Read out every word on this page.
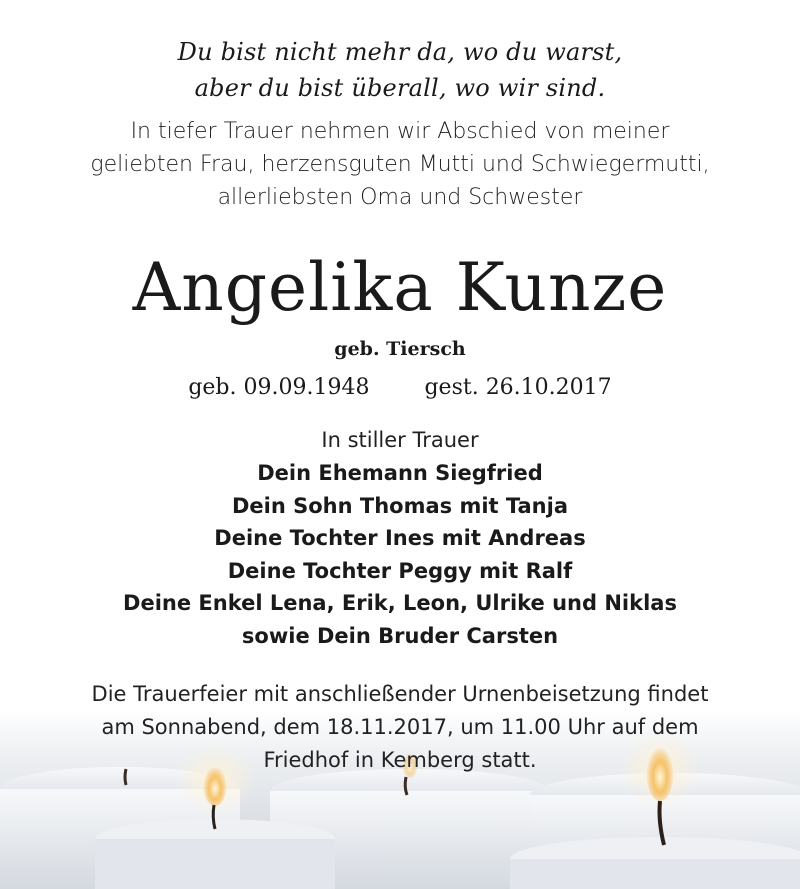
Du bist nicht mehr da, wo du warst,
aber du bist überall, wo wir sind.
In tiefer Trauer nehmen wir Abschied von meiner
geliebten Frau, herzensguten Mutti und Schwiegermutti,
allerliebsten Oma und Schwester
Angelika Kunze
geb. Tiersch
geb. 09.09.1948	gest. 26.10.2017
In stiller Trauer
Dein Ehemann Siegfried
Dein Sohn Thomas mit Tanja
Deine Tochter Ines mit Andreas
Deine Tochter Peggy mit Ralf
Deine Enkel Lena, Erik, Leon, Ulrike und Niklas
sowie Dein Bruder Carsten
Die Trauerfeier mit anschließender Urnenbeisetzung findet
am Sonnabend, dem 18.11.2017, um 11.00 Uhr auf dem
Friedhof in Kemberg statt.
